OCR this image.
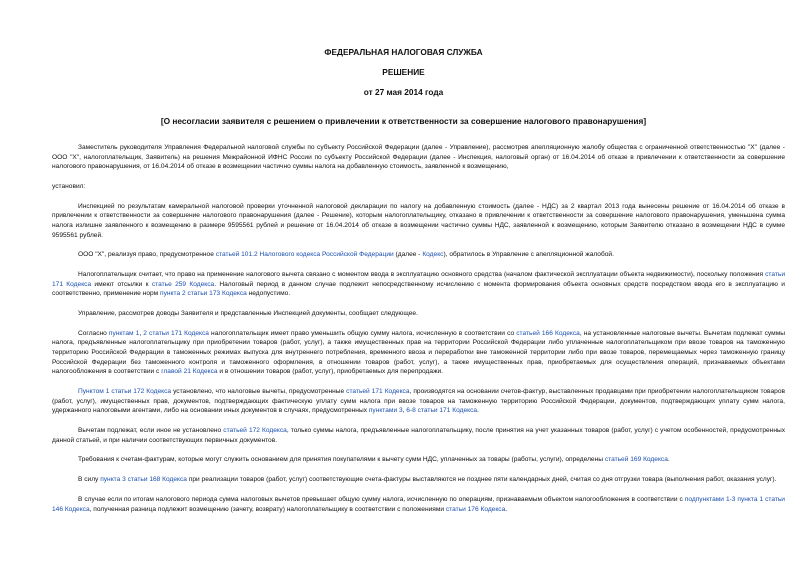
ФЕДЕРАЛЬНАЯ НАЛОГОВАЯ СЛУЖБА
РЕШЕНИЕ
от 27 мая 2014 года
[О несогласии заявителя с решением о привлечении к ответственности за совершение налогового правонарушения]

Заместитель руководителя Управления Федеральной налоговой службы по субъекту Российской Федерации (далее - Управление), рассмотрев апелляционную жалобу общества с ограниченной ответственностью "Х" (далее - ООО "Х", налогоплательщик, Заявитель) на решения Межрайонной ИФНС России по субъекту Российской Федерации (далее - Инспекция, налоговый орган) от 16.04.2014 об отказе в привлечении к ответственности за совершение налогового правонарушения, от 16.04.2014 об отказе в возмещении частично суммы налога на добавленную стоимость, заявленной к возмещению,

установил:

Инспекцией по результатам камеральной налоговой проверки уточненной налоговой декларации по налогу на добавленную стоимость (далее - НДС) за 2 квартал 2013 года вынесены решение от 16.04.2014 об отказе в привлечении к ответственности за совершение налогового правонарушения (далее - Решение), которым налогоплательщику, отказано в привлечении к ответственности за совершение налогового правонарушения, уменьшена сумма налога излишне заявленного к возмещению в размере 9595561 рублей и решение от 16.04.2014 об отказе в возмещении частично суммы НДС, заявленной к возмещению, которым Заявителю отказано в возмещении НДС в сумме 9595561 рублей.

ООО "Х", реализуя право, предусмотренное статьей 101.2 Налогового кодекса Российской Федерации (далее - Кодекс), обратилось в Управление с апелляционной жалобой.

Налогоплательщик считает, что право на применение налогового вычета связано с моментом ввода в эксплуатацию основного средства (началом фактической эксплуатации объекта недвижимости), поскольку положения статьи 171 Кодекса имеют отсылки к статье 259 Кодекса. Налоговый период в данном случае подлежит непосредственному исчислению с момента формирования объекта основных средств посредством ввода его в эксплуатацию и соответственно, применение норм пункта 2 статьи 173 Кодекса недопустимо.

Управление, рассмотрев доводы Заявителя и представленные Инспекцией документы, сообщает следующее.

Согласно пунктам 1, 2 статьи 171 Кодекса налогоплательщик имеет право уменьшить общую сумму налога, исчисленную в соответствии со статьей 166 Кодекса, на установленные налоговые вычеты. Вычетам подлежат суммы налога, предъявленные налогоплательщику при приобретении товаров (работ, услуг), а также имущественных прав на территории Российской Федерации либо уплаченные налогоплательщиком при ввозе товаров на таможенную территорию Российской Федерации в таможенных режимах выпуска для внутреннего потребления, временного ввоза и переработки вне таможенной территории либо при ввозе товаров, перемещаемых через таможенную границу Российской Федерации без таможенного контроля и таможенного оформления, в отношении товаров (работ, услуг), а также имущественных прав, приобретаемых для осуществления операций, признаваемых объектами налогообложения в соответствии с главой 21 Кодекса и в отношении товаров (работ, услуг), приобретаемых для перепродажи.

Пунктом 1 статьи 172 Кодекса установлено, что налоговые вычеты, предусмотренные статьей 171 Кодекса, производятся на основании счетов-фактур, выставленных продавцами при приобретении налогоплательщиком товаров (работ, услуг), имущественных прав, документов, подтверждающих фактическую уплату сумм налога при ввозе товаров на таможенную территорию Российской Федерации, документов, подтверждающих уплату сумм налога, удержанного налоговыми агентами, либо на основании иных документов в случаях, предусмотренных пунктами 3, 6-8 статьи 171 Кодекса.

Вычетам подлежат, если иное не установлено статьей 172 Кодекса, только суммы налога, предъявленные налогоплательщику, после принятия на учет указанных товаров (работ, услуг) с учетом особенностей, предусмотренных данной статьей, и при наличии соответствующих первичных документов.

Требования к счетам-фактурам, которые могут служить основанием для принятия покупателями к вычету сумм НДС, уплаченных за товары (работы, услуги), определены статьей 169 Кодекса.

В силу пункта 3 статьи 168 Кодекса при реализации товаров (работ, услуг) соответствующие счета-фактуры выставляются не позднее пяти календарных дней, считая со дня отгрузки товара (выполнения работ, оказания услуг).

В случае если по итогам налогового периода сумма налоговых вычетов превышает общую сумму налога, исчисленную по операциям, признаваемым объектом налогообложения в соответствии с подпунктами 1-3 пункта 1 статьи 146 Кодекса, полученная разница подлежит возмещению (зачету, возврату) налогоплательщику в соответствии с положениями статьи 176 Кодекса.
